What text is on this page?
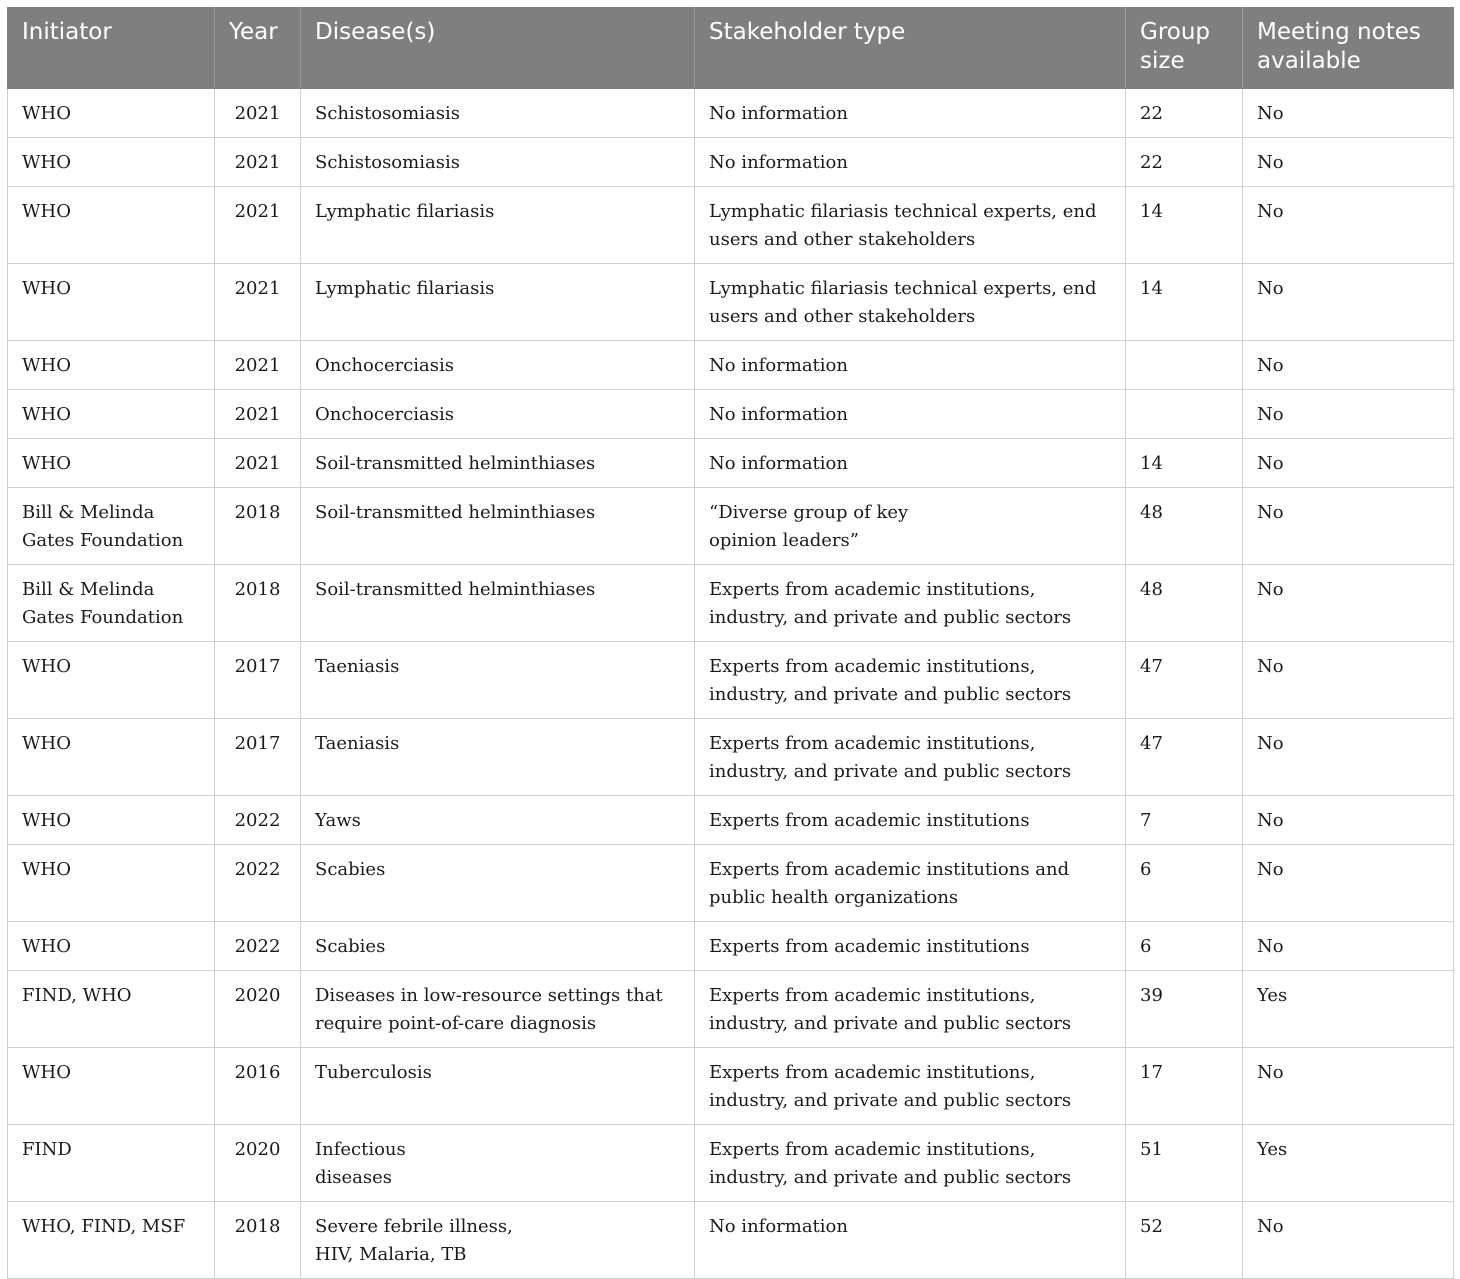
Initiator	Year	Disease(s)	Stakeholder type	Group size	Meeting notes available
WHO	2021	Schistosomiasis	No information	22	No
WHO	2021	Schistosomiasis	No information	22	No
WHO	2021	Lymphatic filariasis	Lymphatic filariasis technical experts, end users and other stakeholders	14	No
WHO	2021	Lymphatic filariasis	Lymphatic filariasis technical experts, end users and other stakeholders	14	No
WHO	2021	Onchocerciasis	No information		No
WHO	2021	Onchocerciasis	No information		No
WHO	2021	Soil-transmitted helminthiases	No information	14	No
Bill & Melinda Gates Foundation	2018	Soil-transmitted helminthiases	“Diverse group of key opinion leaders”	48	No
Bill & Melinda Gates Foundation	2018	Soil-transmitted helminthiases	Experts from academic institutions, industry, and private and public sectors	48	No
WHO	2017	Taeniasis	Experts from academic institutions, industry, and private and public sectors	47	No
WHO	2017	Taeniasis	Experts from academic institutions, industry, and private and public sectors	47	No
WHO	2022	Yaws	Experts from academic institutions	7	No
WHO	2022	Scabies	Experts from academic institutions and public health organizations	6	No
WHO	2022	Scabies	Experts from academic institutions	6	No
FIND, WHO	2020	Diseases in low-resource settings that require point-of-care diagnosis	Experts from academic institutions, industry, and private and public sectors	39	Yes
WHO	2016	Tuberculosis	Experts from academic institutions, industry, and private and public sectors	17	No
FIND	2020	Infectious diseases	Experts from academic institutions, industry, and private and public sectors	51	Yes
WHO, FIND, MSF	2018	Severe febrile illness, HIV, Malaria, TB	No information	52	No
